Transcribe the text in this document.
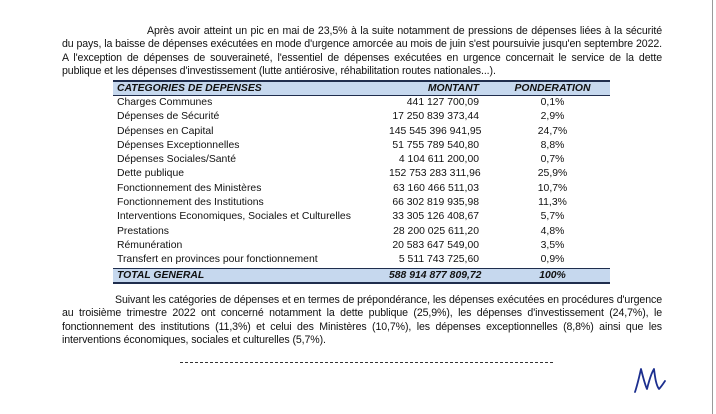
Après avoir atteint un pic en mai de 23,5% à la suite notamment de pressions de dépenses liées à la sécurité du pays, la baisse de dépenses exécutées en mode d'urgence amorcée au mois de juin s'est poursuivie jusqu'en septembre 2022. A l'exception de dépenses de souveraineté, l'essentiel de dépenses exécutées en urgence concernait le service de la dette publique et les dépenses d'investissement (lutte antiérosive, réhabilitation routes nationales...).

CATEGORIES DE DEPENSES	MONTANT	PONDERATION
Charges Communes	441 127 700,09	0,1%
Dépenses de Sécurité	17 250 839 373,44	2,9%
Dépenses en Capital	145 545 396 941,95	24,7%
Dépenses Exceptionnelles	51 755 789 540,80	8,8%
Dépenses Sociales/Santé	4 104 611 200,00	0,7%
Dette publique	152 753 283 311,96	25,9%
Fonctionnement des Ministères	63 160 466 511,03	10,7%
Fonctionnement des Institutions	66 302 819 935,98	11,3%
Interventions Economiques, Sociales et Culturelles	33 305 126 408,67	5,7%
Prestations	28 200 025 611,20	4,8%
Rémunération	20 583 647 549,00	3,5%
Transfert en provinces pour fonctionnement	5 511 743 725,60	0,9%
TOTAL GENERAL	588 914 877 809,72	100%

Suivant les catégories de dépenses et en termes de prépondérance, les dépenses exécutées en procédures d'urgence au troisième trimestre 2022 ont concerné notamment la dette publique (25,9%), les dépenses d'investissement (24,7%), le fonctionnement des institutions (11,3%) et celui des Ministères (10,7%), les dépenses exceptionnelles (8,8%) ainsi que les interventions économiques, sociales et culturelles (5,7%).
